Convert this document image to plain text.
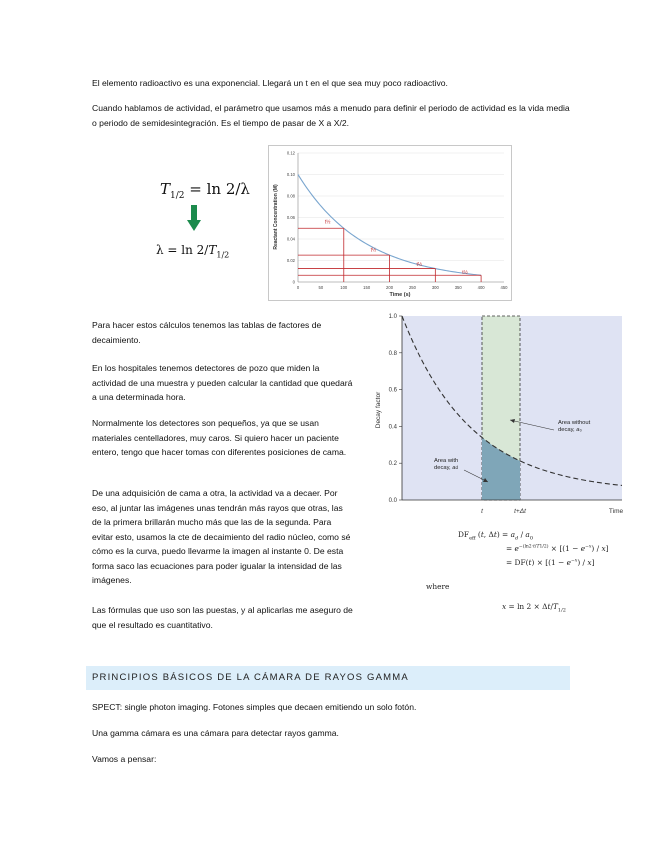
El elemento radioactivo es una exponencial. Llegará un t en el que sea muy poco radioactivo.

Cuando hablamos de actividad, el parámetro que usamos más a menudo para definir el periodo de actividad es la vida media o periodo de semidesintegración. Es el tiempo de pasar de X a X/2.

$T_{1/2} = \ln 2/\lambda$
$\lambda = \ln 2/T_{1/2}$
0
0.02
0.04
0.06
0.08
0.10
0.12
0	50	100	150	200	250	300	350	400	450
t½
t½
t½
t½
Time (s)
Reactant Concentration (M)

Para hacer estos cálculos tenemos las tablas de factores de decaimiento.

En los hospitales tenemos detectores de pozo que miden la actividad de una muestra y pueden calcular la cantidad que quedará a una determinada hora.

Normalmente los detectores son pequeños, ya que se usan materiales centelladores, muy caros. Si quiero hacer un paciente entero, tengo que hacer tomas con diferentes posiciones de cama.

De una adquisición de cama a otra, la actividad va a decaer. Por eso, al juntar las imágenes unas tendrán más rayos que otras, las de la primera brillarán mucho más que las de la segunda. Para evitar esto, usamos la cte de decaimiento del radio núcleo, como sé cómo es la curva, puedo llevarme la imagen al instante 0. De esta forma saco las ecuaciones para poder igualar la intensidad de las imágenes.

Las fórmulas que uso son las puestas, y al aplicarlas me aseguro de que el resultado es cuantitativo.

0.0
0.2
0.4
0.6
0.8
1.0
Decay factor
Time
t	t+Δt
Area without decay, a₀
Area with decay, ad
$DF_{eff}$ (t, $\Delta t) = a_d / a_0$
= $e^{-(ln2\cdot t/T1/2)} \times [(1 - e^{-x}) / x]$
= $DF(t) \times [(1 - e^{-x}) / x]$
where
$x = \ln 2 \times \Delta t/T_{1/2}$
PRINCIPIOS BÁSICOS DE LA CÁMARA DE RAYOS GAMMA

SPECT: single photon imaging. Fotones simples que decaen emitiendo un solo fotón.

Una gamma cámara es una cámara para detectar rayos gamma.

Vamos a pensar:
